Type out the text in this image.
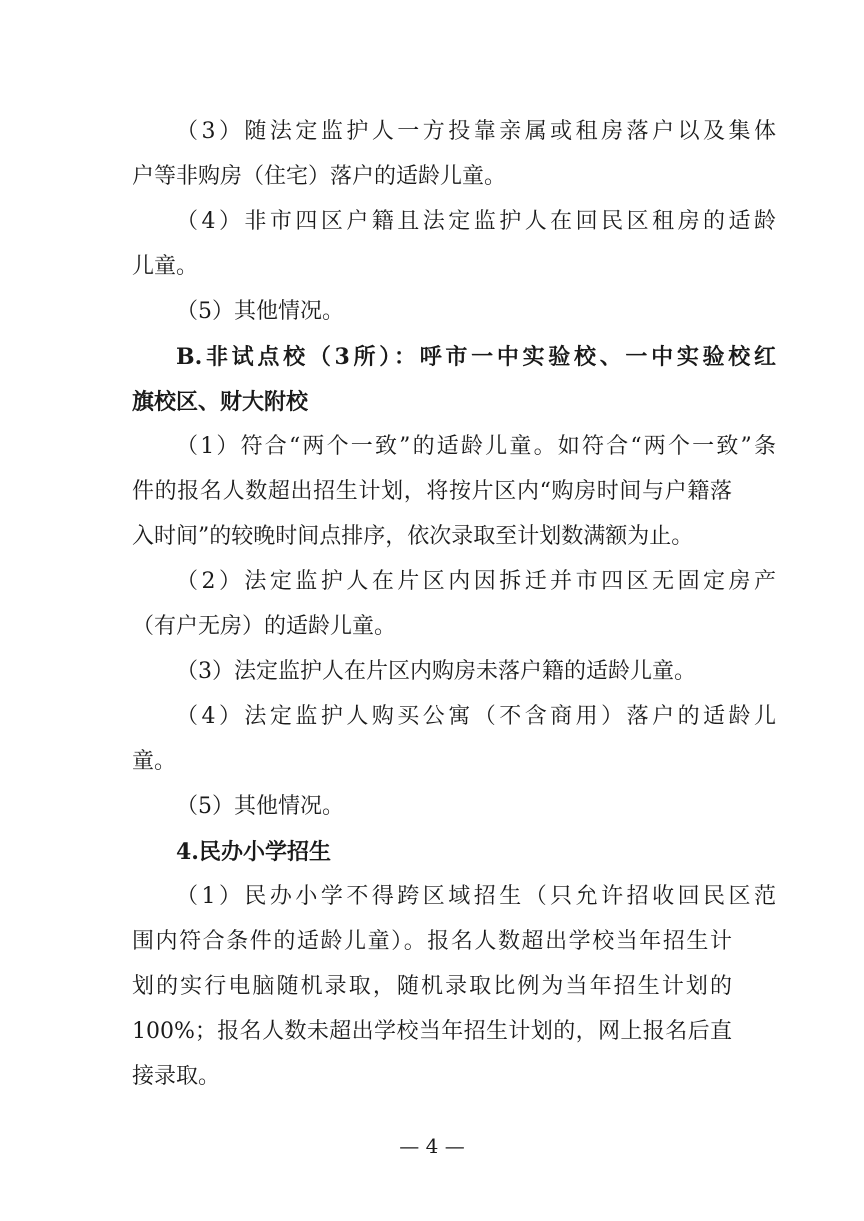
（3）随法定监护人一方投靠亲属或租房落户以及集体
户等非购房（住宅）落户的适龄儿童。
（4）非市四区户籍且法定监护人在回民区租房的适龄
儿童。
（5）其他情况。
B.非试点校（3所）：呼市一中实验校、一中实验校红
旗校区、财大附校
（1）符合“两个一致”的适龄儿童。如符合“两个一致”条
件的报名人数超出招生计划，将按片区内“购房时间与户籍落
入时间”的较晚时间点排序，依次录取至计划数满额为止。
（2）法定监护人在片区内因拆迁并市四区无固定房产
（有户无房）的适龄儿童。
（3）法定监护人在片区内购房未落户籍的适龄儿童。
（4）法定监护人购买公寓（不含商用）落户的适龄儿
童。
（5）其他情况。
4.民办小学招生
（1）民办小学不得跨区域招生（只允许招收回民区范
围内符合条件的适龄儿童）。报名人数超出学校当年招生计
划的实行电脑随机录取，随机录取比例为当年招生计划的
100%；报名人数未超出学校当年招生计划的，网上报名后直
接录取。
— 4 —
